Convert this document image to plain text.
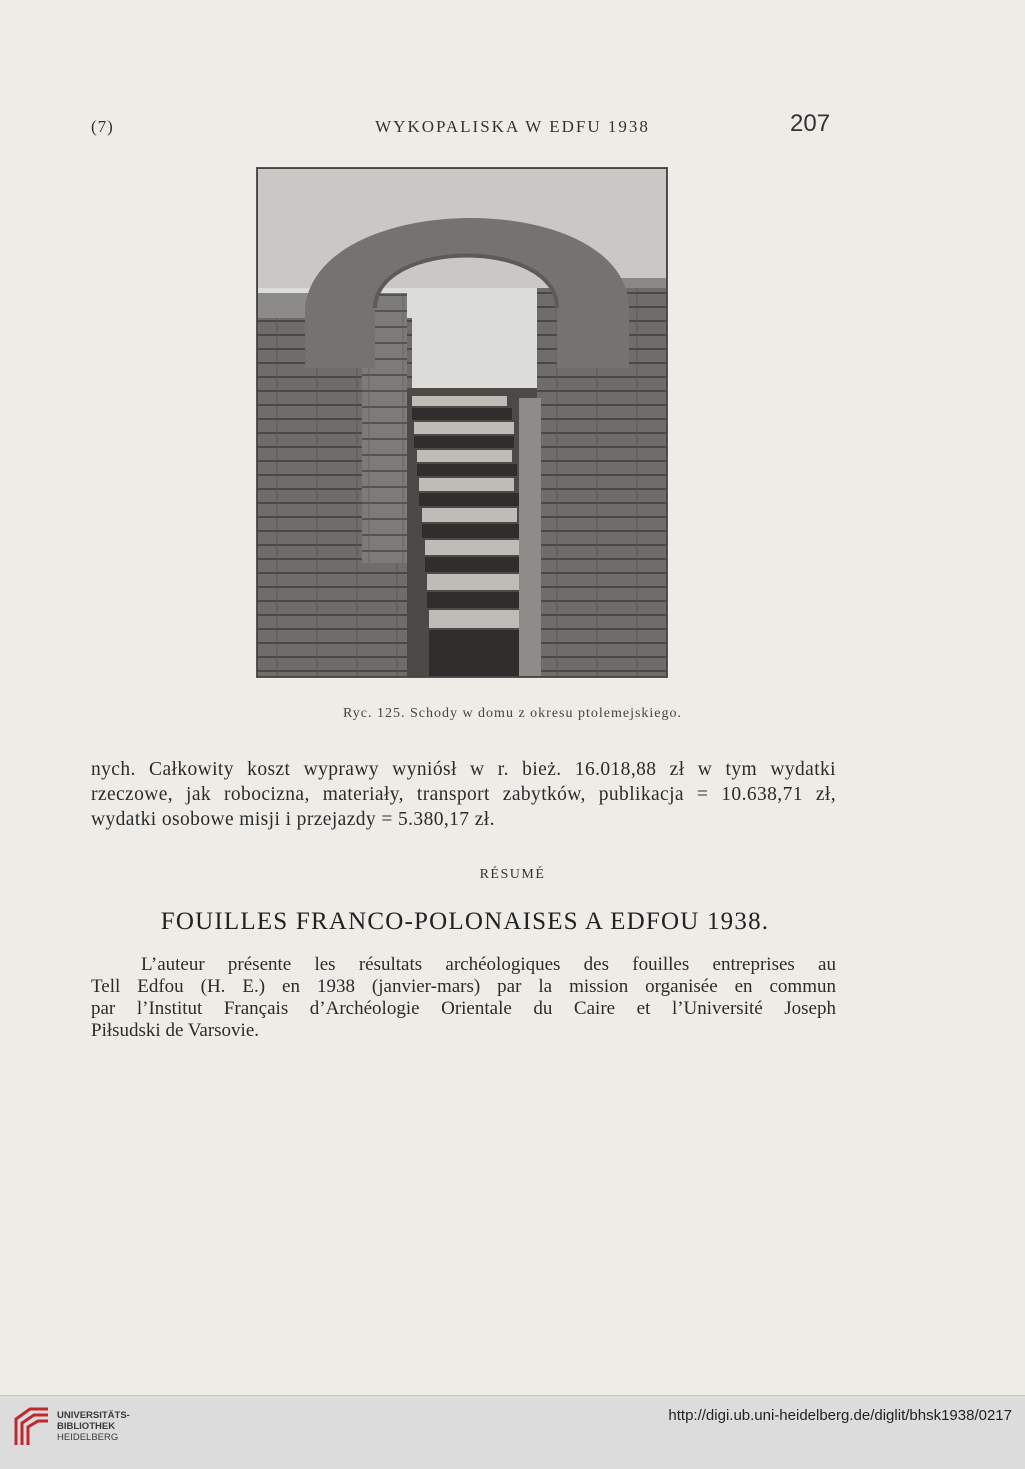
(7)	WYKOPALISKA W EDFU 1938	207
Ryc. 125. Schody w domu z okresu ptolemejskiego.
nych. Całkowity koszt wyprawy wyniósł w r. bież. 16.018,88 zł w tym wydatki
rzeczowe, jak robocizna, materiały, transport zabytków, publikacja = 10.638,71 zł,
wydatki osobowe misji i przejazdy = 5.380,17 zł.
RÉSUMÉ
FOUILLES FRANCO-POLONAISES A EDFOU 1938.
L’auteur présente les résultats archéologiques des fouilles entreprises au
Tell Edfou (H. E.) en 1938 (janvier-mars) par la mission organisée en commun
par l’Institut Français d’Archéologie Orientale du Caire et l’Université Joseph
Piłsudski de Varsovie.
UNIVERSITÄTS-
BIBLIOTHEK
HEIDELBERG
http://digi.ub.uni-heidelberg.de/diglit/bhsk1938/0217
